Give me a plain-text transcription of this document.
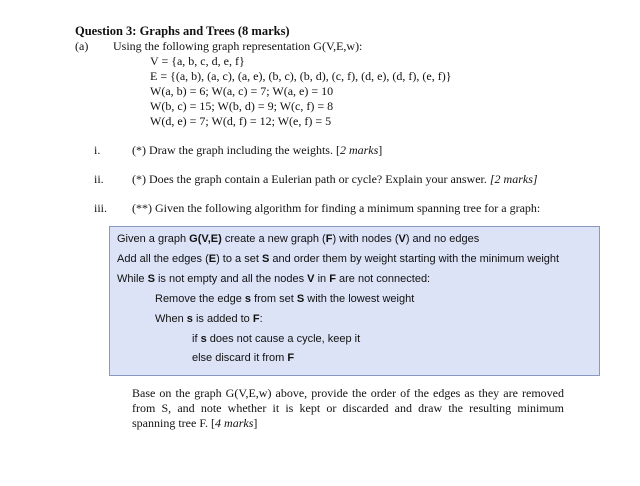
Question 3: Graphs and Trees (8 marks)
(a) Using the following graph representation G(V,E,w):
V = {a, b, c, d, e, f}
E = {(a, b), (a, c), (a, e), (b, c), (b, d), (c, f), (d, e), (d, f), (e, f)}
W(a, b) = 6; W(a, c) = 7; W(a, e) = 10
W(b, c) = 15; W(b, d) = 9; W(c, f) = 8
W(d, e) = 7; W(d, f) = 12; W(e, f) = 5
i.	(*) Draw the graph including the weights. [2 marks]
ii. (*) Does the graph contain a Eulerian path or cycle? Explain your answer. [2 marks]
iii. (**) Given the following algorithm for finding a minimum spanning tree for a graph:
Given a graph G(V,E) create a new graph (F) with nodes (V) and no edges
Add all the edges (E) to a set S and order them by weight starting with the minimum weight
While S is not empty and all the nodes V in F are not connected:
Remove the edge s from set S with the lowest weight
When s is added to F:
if s does not cause a cycle, keep it
else discard it from F
Base on the graph G(V,E,w) above, provide the order of the edges as they are removed from S, and note whether it is kept or discarded and draw the resulting minimum spanning tree F. [4 marks]
